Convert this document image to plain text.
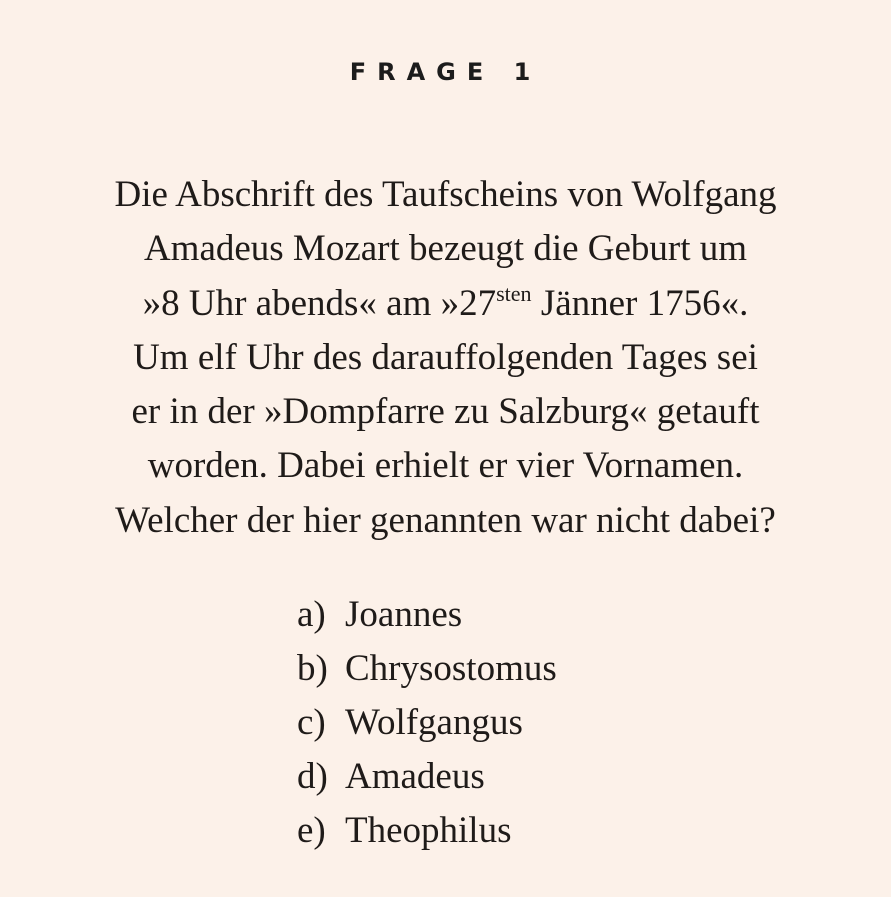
FRAGE 1

Die Abschrift des Taufscheins von Wolfgang
Amadeus Mozart bezeugt die Geburt um
»8 Uhr abends« am $»27^{sten}$ Jänner 1756«.
Um elf Uhr des darauffolgenden Tages sei
er in der »Dompfarre zu Salzburg« getauft
worden. Dabei erhielt er vier Vornamen.
Welcher der hier genannten war nicht dabei?

a) Joannes
b) Chrysostomus
c) Wolfgangus
d) Amadeus
e) Theophilus
